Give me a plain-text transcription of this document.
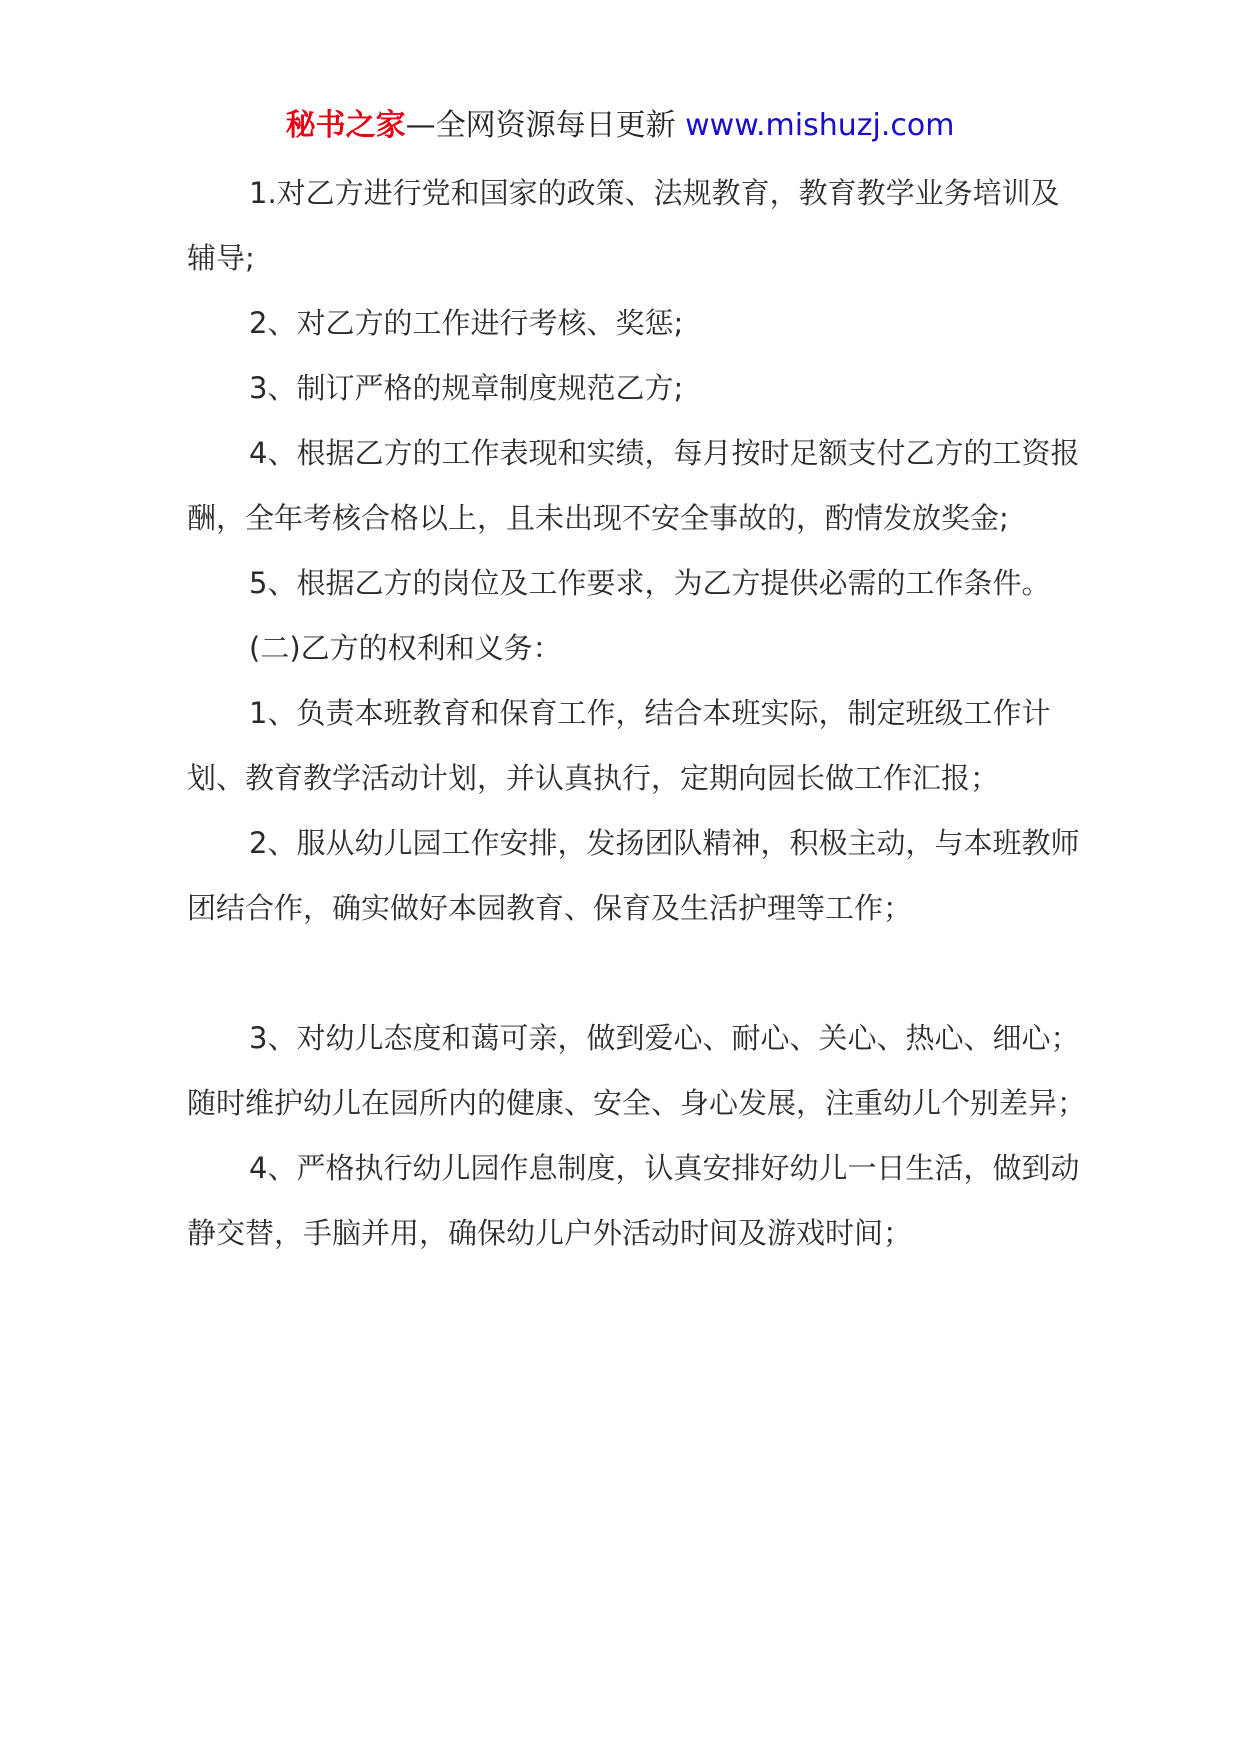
秘书之家—全网资源每日更新 www.mishuzj.com

1.对乙方进行党和国家的政策、法规教育，教育教学业务培训及辅导;

2、对乙方的工作进行考核、奖惩;

3、制订严格的规章制度规范乙方;

4、根据乙方的工作表现和实绩，每月按时足额支付乙方的工资报酬，全年考核合格以上，且未出现不安全事故的，酌情发放奖金;

5、根据乙方的岗位及工作要求，为乙方提供必需的工作条件。

(二)乙方的权利和义务：

1、负责本班教育和保育工作，结合本班实际，制定班级工作计划、教育教学活动计划，并认真执行，定期向园长做工作汇报；

2、服从幼儿园工作安排，发扬团队精神，积极主动，与本班教师团结合作，确实做好本园教育、保育及生活护理等工作；

3、对幼儿态度和蔼可亲，做到爱心、耐心、关心、热心、细心；随时维护幼儿在园所内的健康、安全、身心发展，注重幼儿个别差异；

4、严格执行幼儿园作息制度，认真安排好幼儿一日生活，做到动静交替，手脑并用，确保幼儿户外活动时间及游戏时间；
